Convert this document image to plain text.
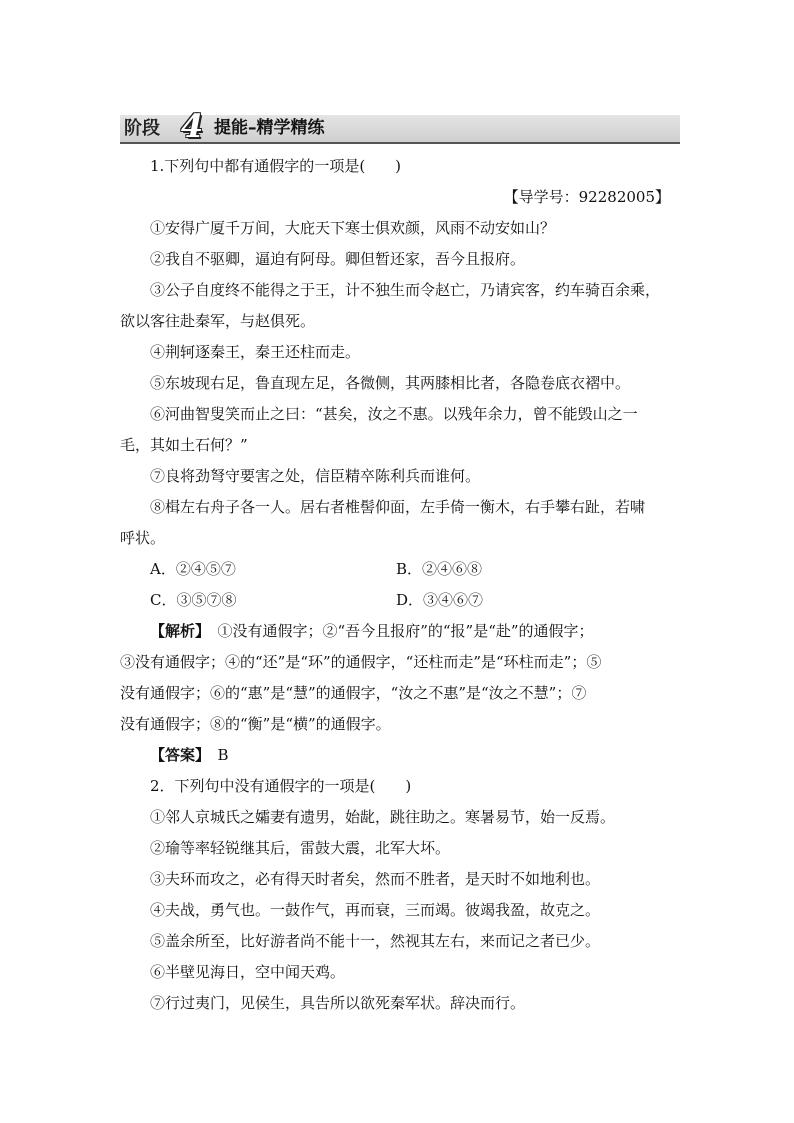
阶段 4 提能–精学精练
1.下列句中都有通假字的一项是(　　)
【导学号：92282005】
①安得广厦千万间，大庇天下寒士俱欢颜，风雨不动安如山？
②我自不驱卿，逼迫有阿母。卿但暂还家，吾今且报府。
③公子自度终不能得之于王，计不独生而令赵亡，乃请宾客，约车骑百余乘，
欲以客往赴秦军，与赵俱死。
④荆轲逐秦王，秦王还柱而走。
⑤东坡现右足，鲁直现左足，各微侧，其两膝相比者，各隐卷底衣褶中。
⑥河曲智叟笑而止之曰：“甚矣，汝之不惠。以残年余力，曾不能毁山之一
毛，其如土石何？”
⑦良将劲弩守要害之处，信臣精卒陈利兵而谁何。
⑧楫左右舟子各一人。居右者椎髻仰面，左手倚一衡木，右手攀右趾，若啸
呼状。
A．②④⑤⑦	B．②④⑥⑧
C．③⑤⑦⑧	D．③④⑥⑦
【解析】　 ①没有通假字；②“吾今且报府”的“报”是“赴”的通假字；
③没有通假字；④的“还”是“环”的通假字，“还柱而走”是“环柱而走”；⑤
没有通假字；⑥的“惠”是“慧”的通假字，“汝之不惠”是“汝之不慧”；⑦
没有通假字；⑧的“衡”是“横”的通假字。
【答案】　 B
2．下列句中没有通假字的一项是(　　)
①邻人京城氏之孀妻有遗男，始龀，跳往助之。寒暑易节，始一反焉。
②瑜等率轻锐继其后，雷鼓大震，北军大坏。
③夫环而攻之，必有得天时者矣，然而不胜者，是天时不如地利也。
④夫战，勇气也。一鼓作气，再而衰，三而竭。彼竭我盈，故克之。
⑤盖余所至，比好游者尚不能十一，然视其左右，来而记之者已少。
⑥半壁见海日，空中闻天鸡。
⑦行过夷门，见侯生，具告所以欲死秦军状。辞决而行。
